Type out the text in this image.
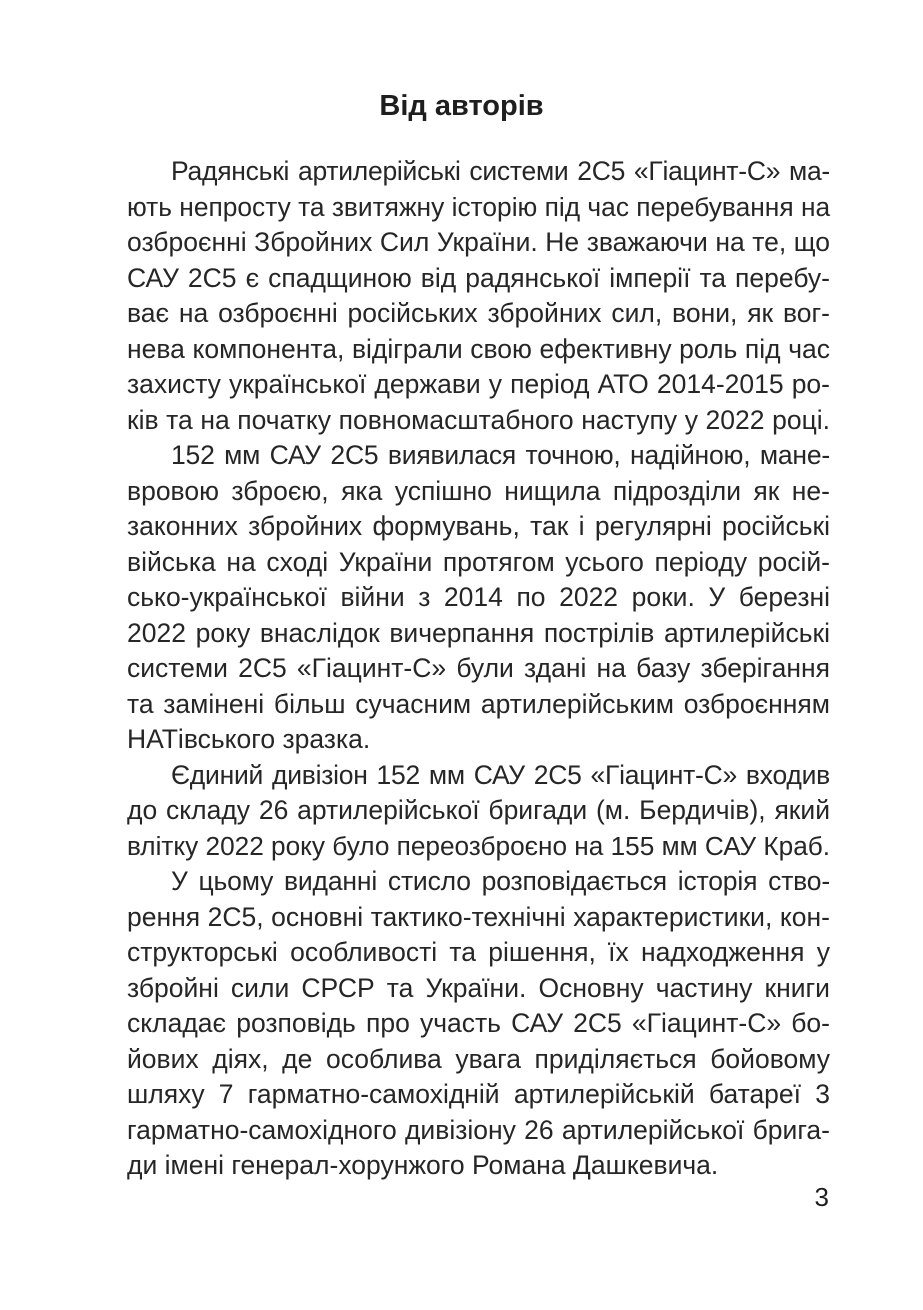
Від авторів

Радянські артилерійські системи 2С5 «Гіацинт-С» ма-
ють непросту та звитяжну історію під час перебування на
озброєнні Збройних Сил України. Не зважаючи на те, що
САУ 2С5 є спадщиною від радянської імперії та перебу-
ває на озброєнні російських збройних сил, вони, як вог-
нева компонента, відіграли свою ефективну роль під час
захисту української держави у період АТО 2014-2015 ро-
ків та на початку повномасштабного наступу у 2022 році.

152 мм САУ 2С5 виявилася точною, надійною, мане-
вровою зброєю, яка успішно нищила підрозділи як не-
законних збройних формувань, так і регулярні російські
війська на сході України протягом усього періоду росій-
сько-української війни з 2014 по 2022 роки. У березні
2022 року внаслідок вичерпання пострілів артилерійські
системи 2С5 «Гіацинт-С» були здані на базу зберігання
та замінені більш сучасним артилерійським озброєнням
НАТівського зразка.

Єдиний дивізіон 152 мм САУ 2С5 «Гіацинт-С» входив
до складу 26 артилерійської бригади (м. Бердичів), який
влітку 2022 року було переозброєно на 155 мм САУ Краб.

У цьому виданні стисло розповідається історія ство-
рення 2С5, основні тактико-технічні характеристики, кон-
структорські особливості та рішення, їх надходження у
збройні сили СРСР та України. Основну частину книги
складає розповідь про участь САУ 2С5 «Гіацинт-С» бо-
йових діях, де особлива увага приділяється бойовому
шляху 7 гарматно-самохідній артилерійській батареї 3
гарматно-самохідного дивізіону 26 артилерійської брига-
ди імені генерал-хорунжого Романа Дашкевича.

3
